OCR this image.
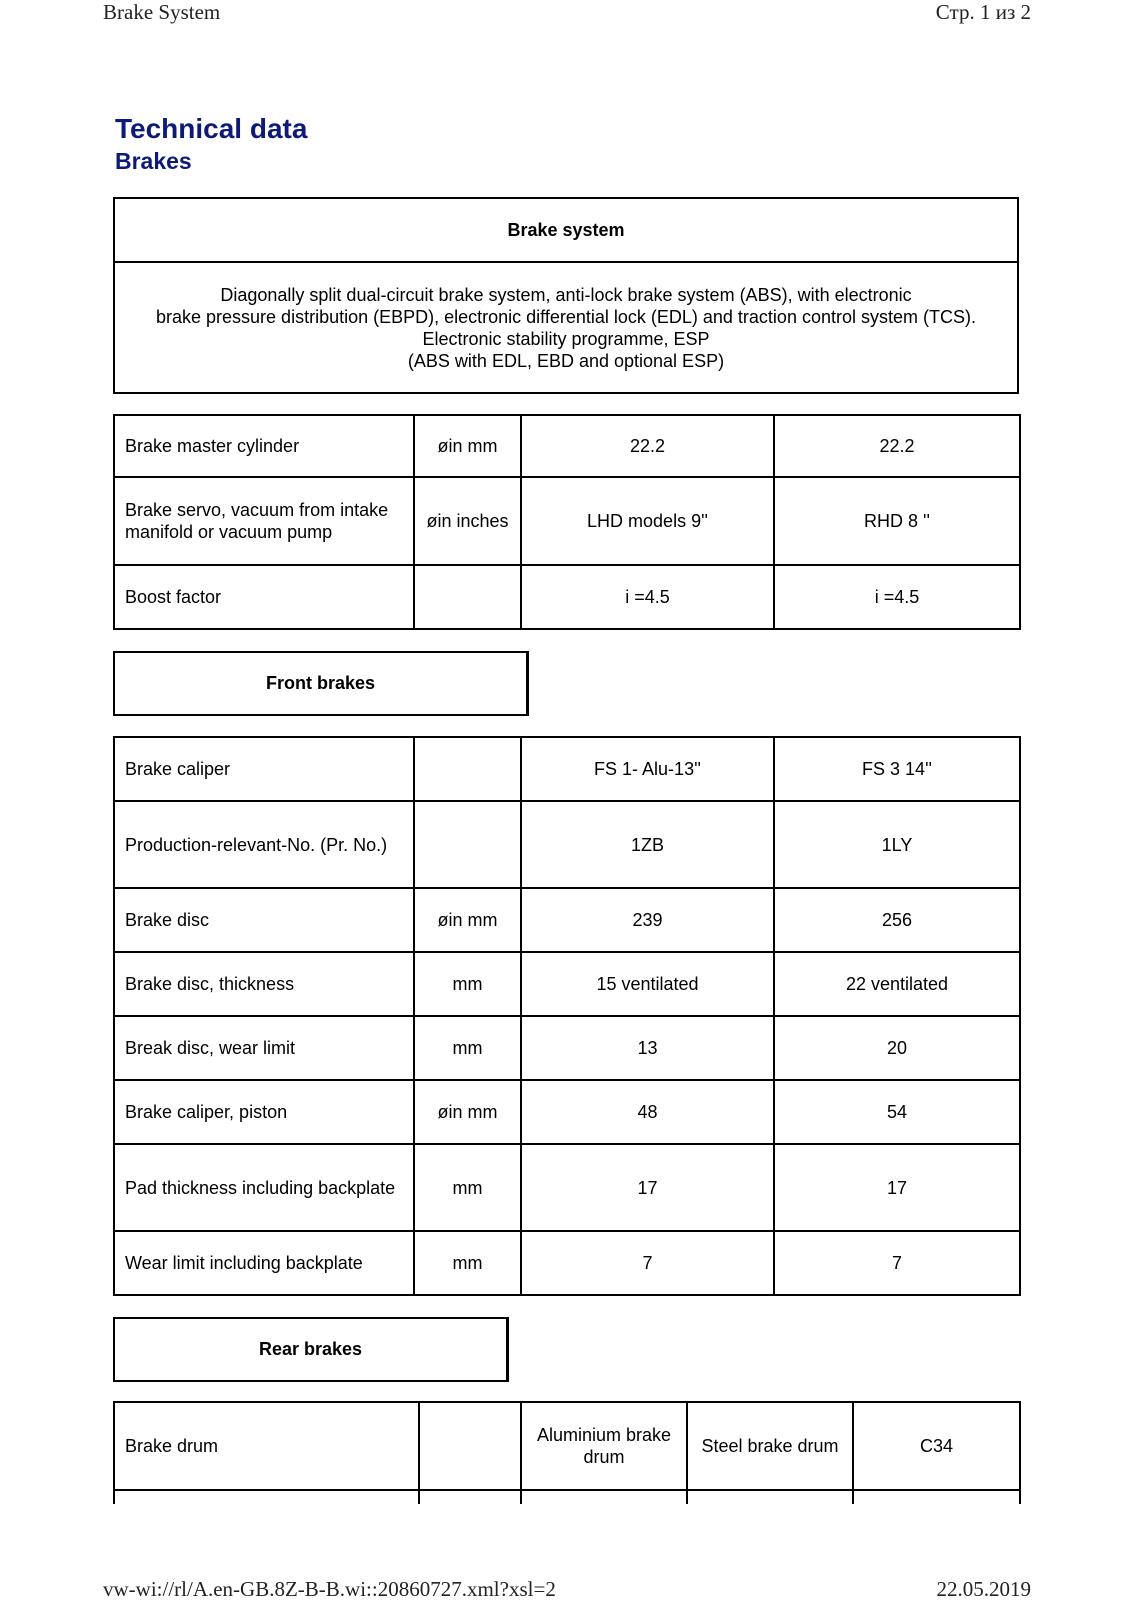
Brake System	Стр. 1 из 2
Technical data
Brakes
Brake system
Diagonally split dual-circuit brake system, anti-lock brake system (ABS), with electronic
brake pressure distribution (EBPD), electronic differential lock (EDL) and traction control system (TCS).
Electronic stability programme, ESP
(ABS with EDL, EBD and optional ESP)
Brake master cylinder	øin mm	22.2	22.2
Brake servo, vacuum from intake manifold or vacuum pump	øin inches	LHD models 9''	RHD 8 ''
Boost factor		i =4.5	i =4.5
Front brakes
Brake caliper		FS 1- Alu-13''	FS 3 14''
Production-relevant-No. (Pr. No.)		1ZB	1LY
Brake disc	øin mm	239	256
Brake disc, thickness	mm	15 ventilated	22 ventilated
Break disc, wear limit	mm	13	20
Brake caliper, piston	øin mm	48	54
Pad thickness including backplate	mm	17	17
Wear limit including backplate	mm	7	7
Rear brakes
Brake drum		Aluminium brake drum	Steel brake drum	C34

vw-wi://rl/A.en-GB.8Z-B-B.wi::20860727.xml?xsl=2	22.05.2019
